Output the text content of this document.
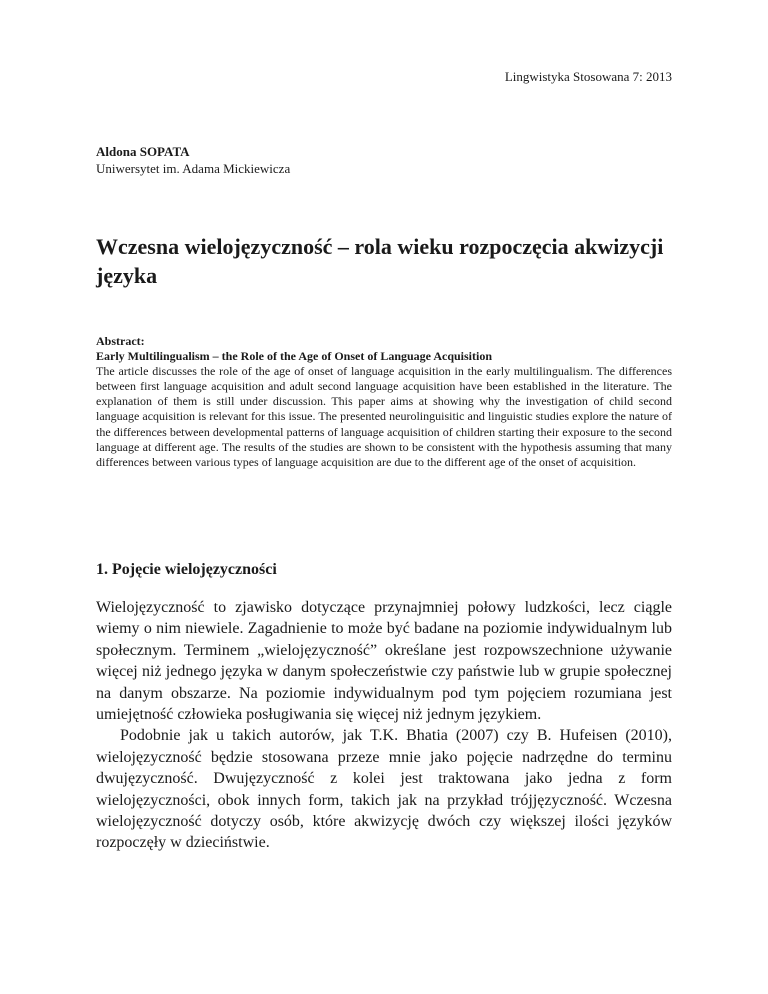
Lingwistyka Stosowana 7: 2013
Aldona SOPATA
Uniwersytet im. Adama Mickiewicza
Wczesna wielojęzyczność – rola wieku rozpoczęcia akwizycji języka
Abstract:
Early Multilingualism – the Role of the Age of Onset of Language Acquisition
The article discusses the role of the age of onset of language acquisition in the early multilingualism. The differences between first language acquisition and adult second language acquisition have been established in the literature. The explanation of them is still under discussion. This paper aims at showing why the investigation of child second language acquisition is relevant for this issue. The presented neurolinguisitic and linguistic studies explore the nature of the differences between developmental patterns of language acquisition of children starting their exposure to the second language at different age. The results of the studies are shown to be consistent with the hypothesis assuming that many differences between various types of language acquisition are due to the different age of the onset of acquisition.
1. Pojęcie wielojęzyczności

Wielojęzyczność to zjawisko dotyczące przynajmniej połowy ludzkości, lecz ciągle wiemy o nim niewiele. Zagadnienie to może być badane na poziomie indywidualnym lub społecznym. Terminem „wielojęzyczność” określane jest rozpowszechnione używanie więcej niż jednego języka w danym społeczeństwie czy państwie lub w grupie społecznej na danym obszarze. Na poziomie indywidualnym pod tym pojęciem rozumiana jest umiejętność człowieka posługiwania się więcej niż jednym językiem.

Podobnie jak u takich autorów, jak T.K. Bhatia (2007) czy B. Hufeisen (2010), wielojęzyczność będzie stosowana przeze mnie jako pojęcie nadrzędne do terminu dwujęzyczność. Dwujęzyczność z kolei jest traktowana jako jedna z form wielojęzyczności, obok innych form, takich jak na przykład trójjęzyczność. Wczesna wielojęzyczność dotyczy osób, które akwizycję dwóch czy większej ilości języków rozpoczęły w dzieciństwie.
